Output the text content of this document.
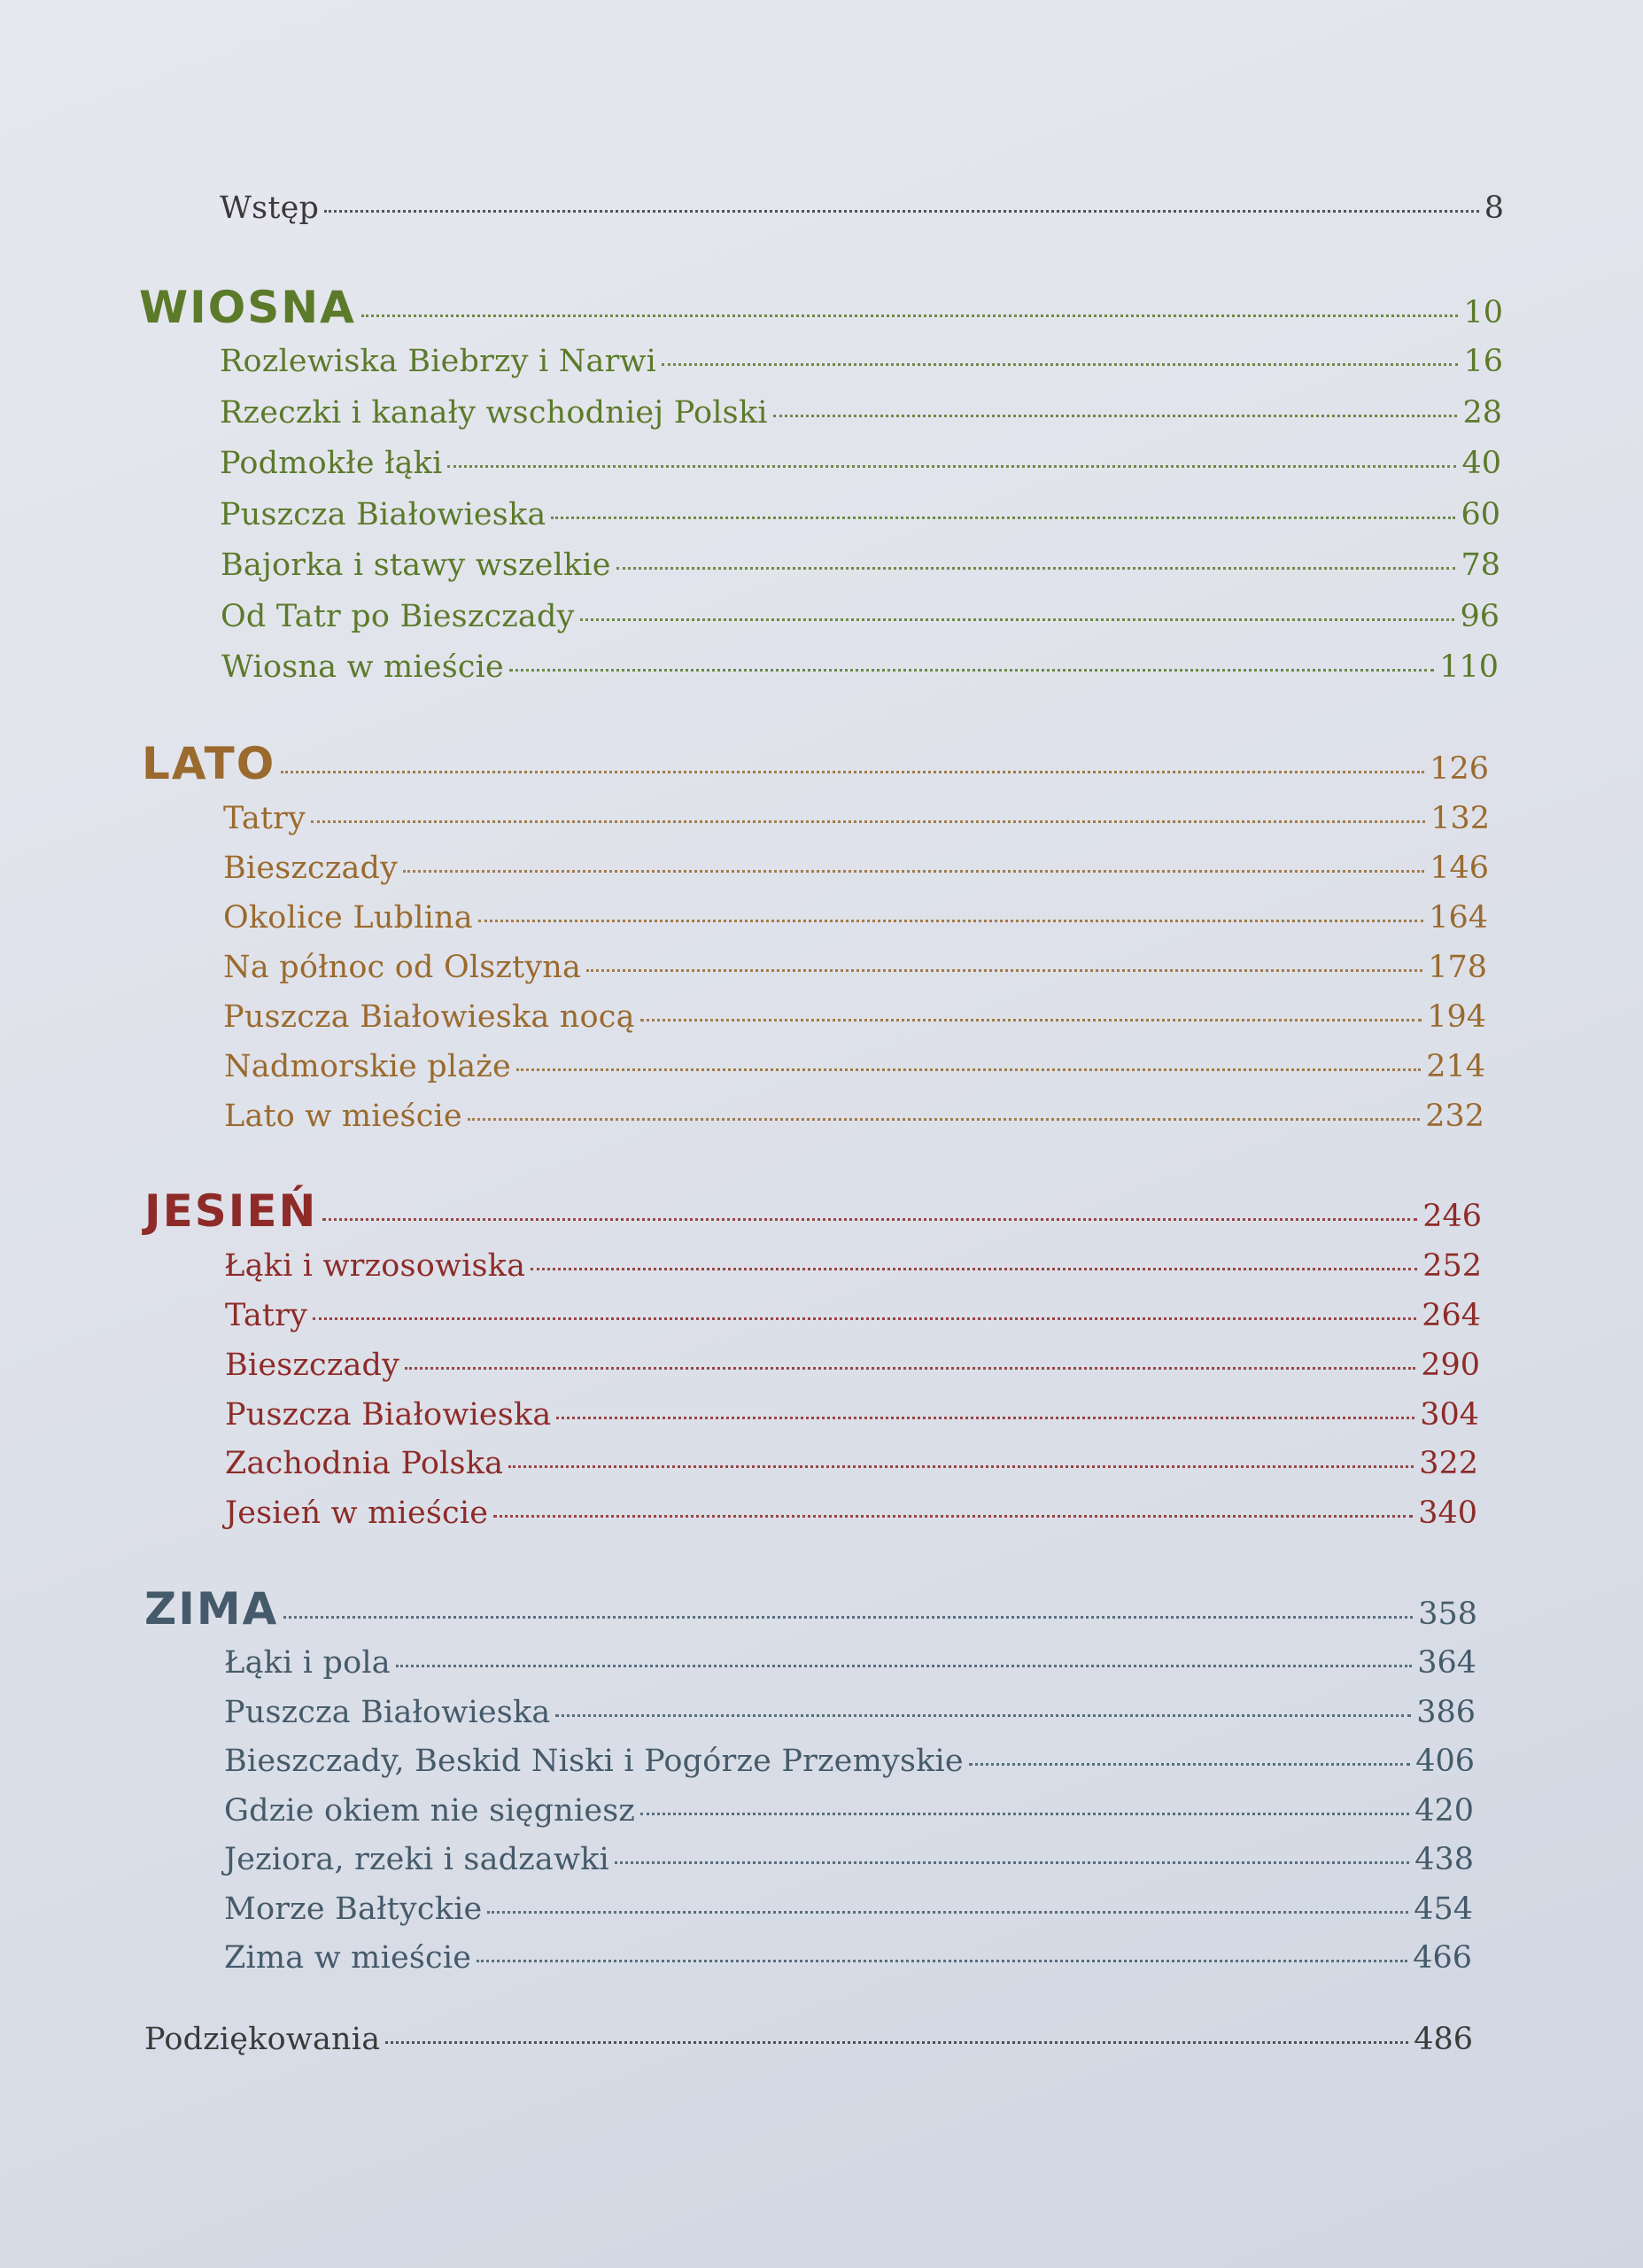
Wstęp	8
WIOSNA	10
Rozlewiska Biebrzy i Narwi	16
Rzeczki i kanały wschodniej Polski	28
Podmokłe łąki	40
Puszcza Białowieska	60
Bajorka i stawy wszelkie	78
Od Tatr po Bieszczady	96
Wiosna w mieście	110
LATO	126
Tatry	132
Bieszczady	146
Okolice Lublina	164
Na północ od Olsztyna	178
Puszcza Białowieska nocą	194
Nadmorskie plaże	214
Lato w mieście	232
JESIEŃ	246
Łąki i wrzosowiska	252
Tatry	264
Bieszczady	290
Puszcza Białowieska	304
Zachodnia Polska	322
Jesień w mieście	340
ZIMA	358
Łąki i pola	364
Puszcza Białowieska	386
Bieszczady, Beskid Niski i Pogórze Przemyskie	406
Gdzie okiem nie sięgniesz	420
Jeziora, rzeki i sadzawki	438
Morze Bałtyckie	454
Zima w mieście	466
Podziękowania	486
